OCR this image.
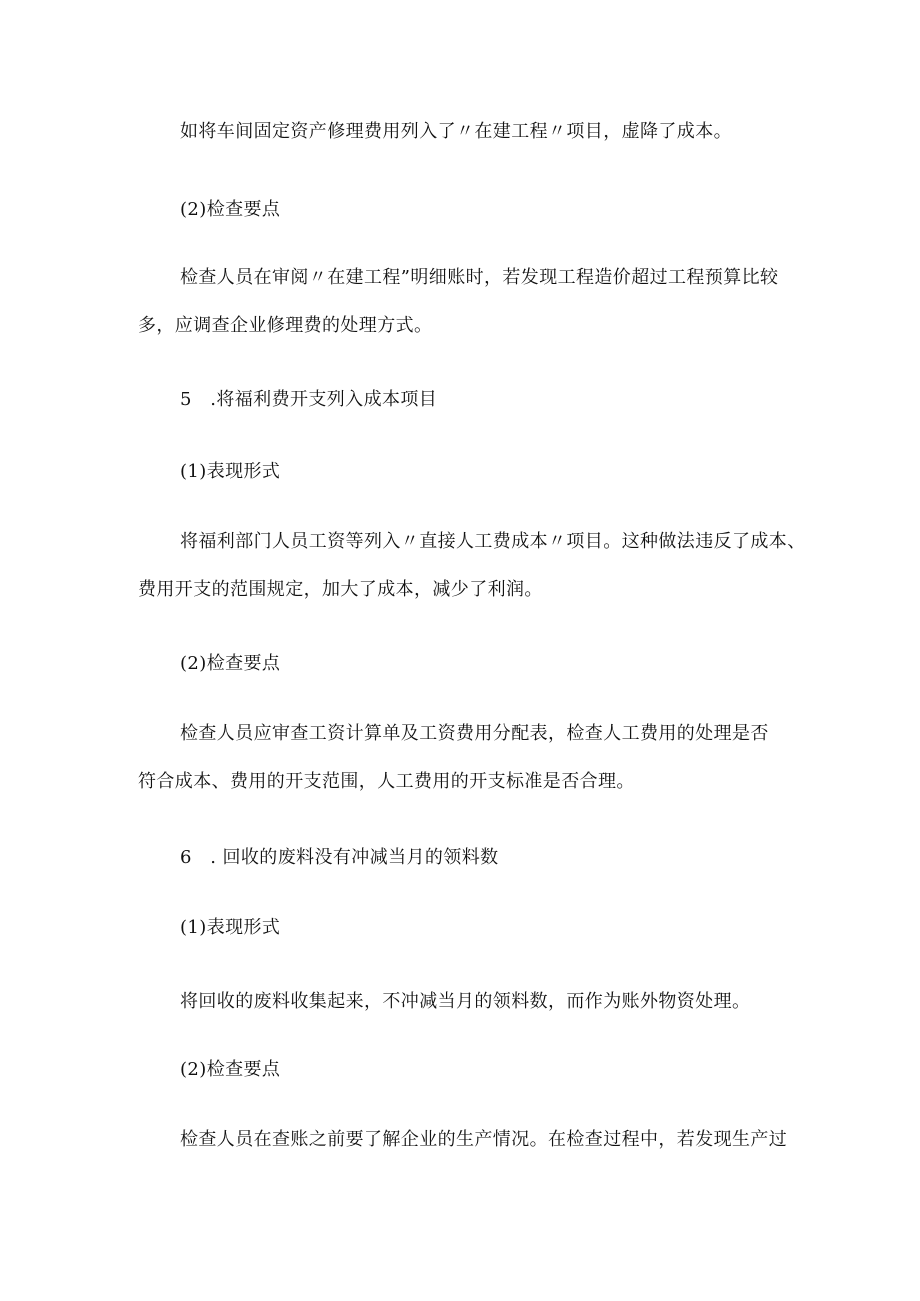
如将车间固定资产修理费用列入了〃在建工程〃项目，虚降了成本。
(2)检查要点
检查人员在审阅〃在建工程”明细账时，若发现工程造价超过工程预算比较
多，应调查企业修理费的处理方式。
5　.将福利费开支列入成本项目
(1)表现形式
将福利部门人员工资等列入〃直接人工费成本〃项目。这种做法违反了成本、
费用开支的范围规定，加大了成本，减少了利润。
(2)检查要点
检查人员应审查工资计算单及工资费用分配表，检查人工费用的处理是否
符合成本、费用的开支范围，人工费用的开支标准是否合理。
6　. 回收的废料没有冲减当月的领料数
(1)表现形式
将回收的废料收集起来，不冲减当月的领料数，而作为账外物资处理。
(2)检查要点
检查人员在查账之前要了解企业的生产情况。在检查过程中，若发现生产过
